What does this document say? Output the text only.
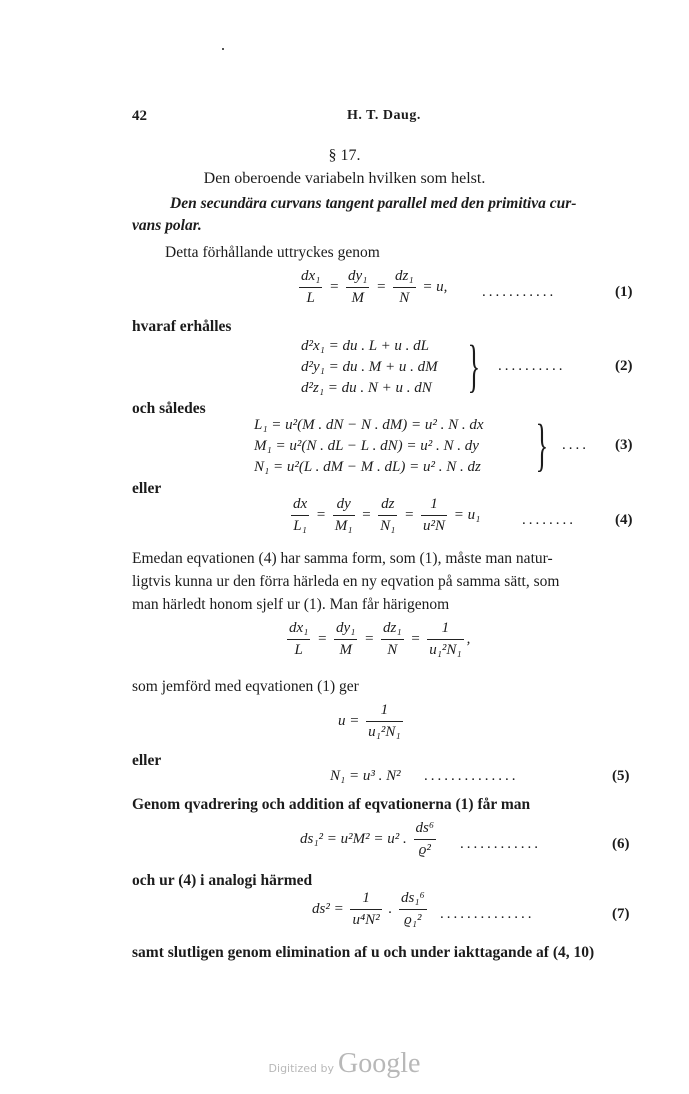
42	H. T. Daug.
§ 17.
Den oberoende variabeln hvilken som helst.
Den secundära curvans tangent parallel med den primitiva cur-
vans polar.
Detta förhållande uttryckes genom
$\frac{\text{dx₁}}{L} = \frac{\text{dy₁}}{M} = \frac{\text{dz₁}}{N} = u$, ...........	(1)
hvaraf erhålles
d²x₁ = du . L + u . dL
d²y₁ = du . M + u . dM
d²z₁ = du . N + u . dN } ..........	(2)
och således
L₁ = u²(M . dN − N . dM) = u² . N . dx
M₁ = u²(N . dL − L . dN) = u² . N . dy
N₁ = u²(L . dM − M . dL) = u² . N . dz } .... (3)
eller
$\frac{dx}{\text{L₁}} = \frac{dy}{\text{M₁}} = \frac{dz}{\text{N₁}} = \frac{1}{\text{u²N}} = u_1$	........	(4)
Emedan eqvationen (4) har samma form, som (1), måste man natur-
ligtvis kunna ur den förra härleda en ny eqvation på samma sätt, som
man härledt honom sjelf ur (1). Man får härigenom
$\frac{\text{dx₁}}{L} = \frac{\text{dy₁}}{M} = \frac{\text{dz₁}}{N} = \frac{1}{\text{u₁²N₁}}$ ,
som jemförd med eqvationen (1) ger
$u = \frac{1}{\text{u₁²N₁}}$
eller
N₁ = u³ . N² ..............	(5)
Genom qvadrering och addition af eqvationerna (1) får man
ds₁² = u²M² = u² . $\frac{\text{ds⁶}}{\text{ϱ²}}$ ............	(6)
och ur (4) i analogi härmed
$ds^2 = \frac{1}{\text{u⁴N²}}$ . $\frac{\text{ds₁⁶}}{\text{ϱ₁²}}$ ..............	(7)
samt slutligen genom elimination af u och under iakttagande af (4, 10)
Digitized by Google
